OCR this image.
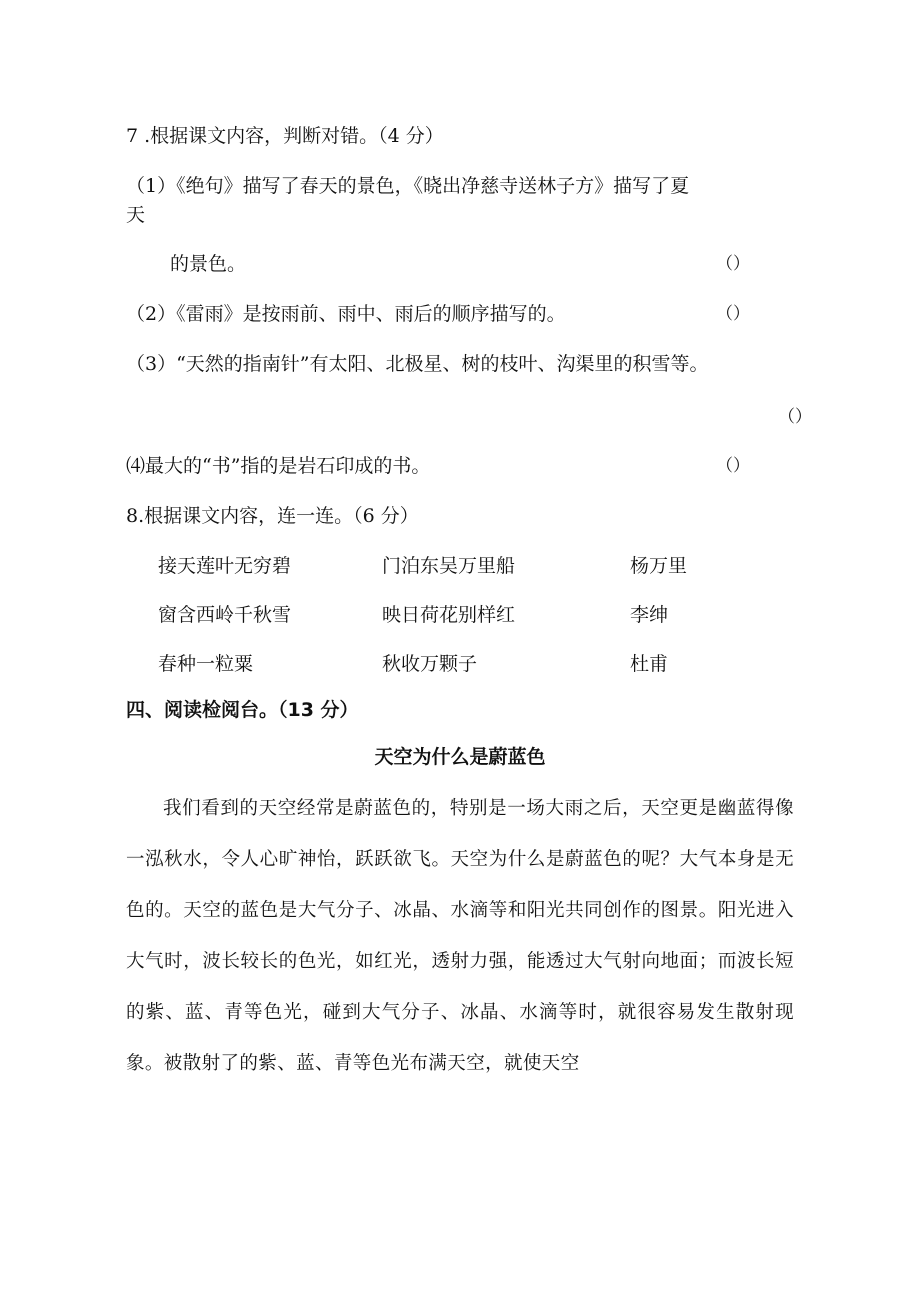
7 .根据课文内容，判断对错。（4 分）
（1）《绝句》描写了春天的景色，《晓出净慈寺送林子方》描写了夏
天
的景色。	（）
（2）《雷雨》是按雨前、雨中、雨后的顺序描写的。	（）
（3）“天然的指南针”有太阳、北极星、树的枝叶、沟渠里的积雪等。
（）
⑷最大的“书”指的是岩石印成的书。	（）
8.根据课文内容，连一连。（6 分）
接天莲叶无穷碧	门泊东吴万里船	杨万里
窗含西岭千秋雪	映日荷花别样红	李绅
春种一粒粟	秋收万颗子	杜甫
四、阅读检阅台。（13 分）
天空为什么是蔚蓝色
我们看到的天空经常是蔚蓝色的，特别是一场大雨之后，天空更是幽蓝得像一泓秋水，令人心旷神怡，跃跃欲飞。天空为什么是蔚蓝色的呢？大气本身是无色的。天空的蓝色是大气分子、冰晶、水滴等和阳光共同创作的图景。阳光进入大气时，波长较长的色光，如红光，透射力强，能透过大气射向地面；而波长短的紫、蓝、青等色光，碰到大气分子、冰晶、水滴等时，就很容易发生散射现象。被散射了的紫、蓝、青等色光布满天空，就使天空
